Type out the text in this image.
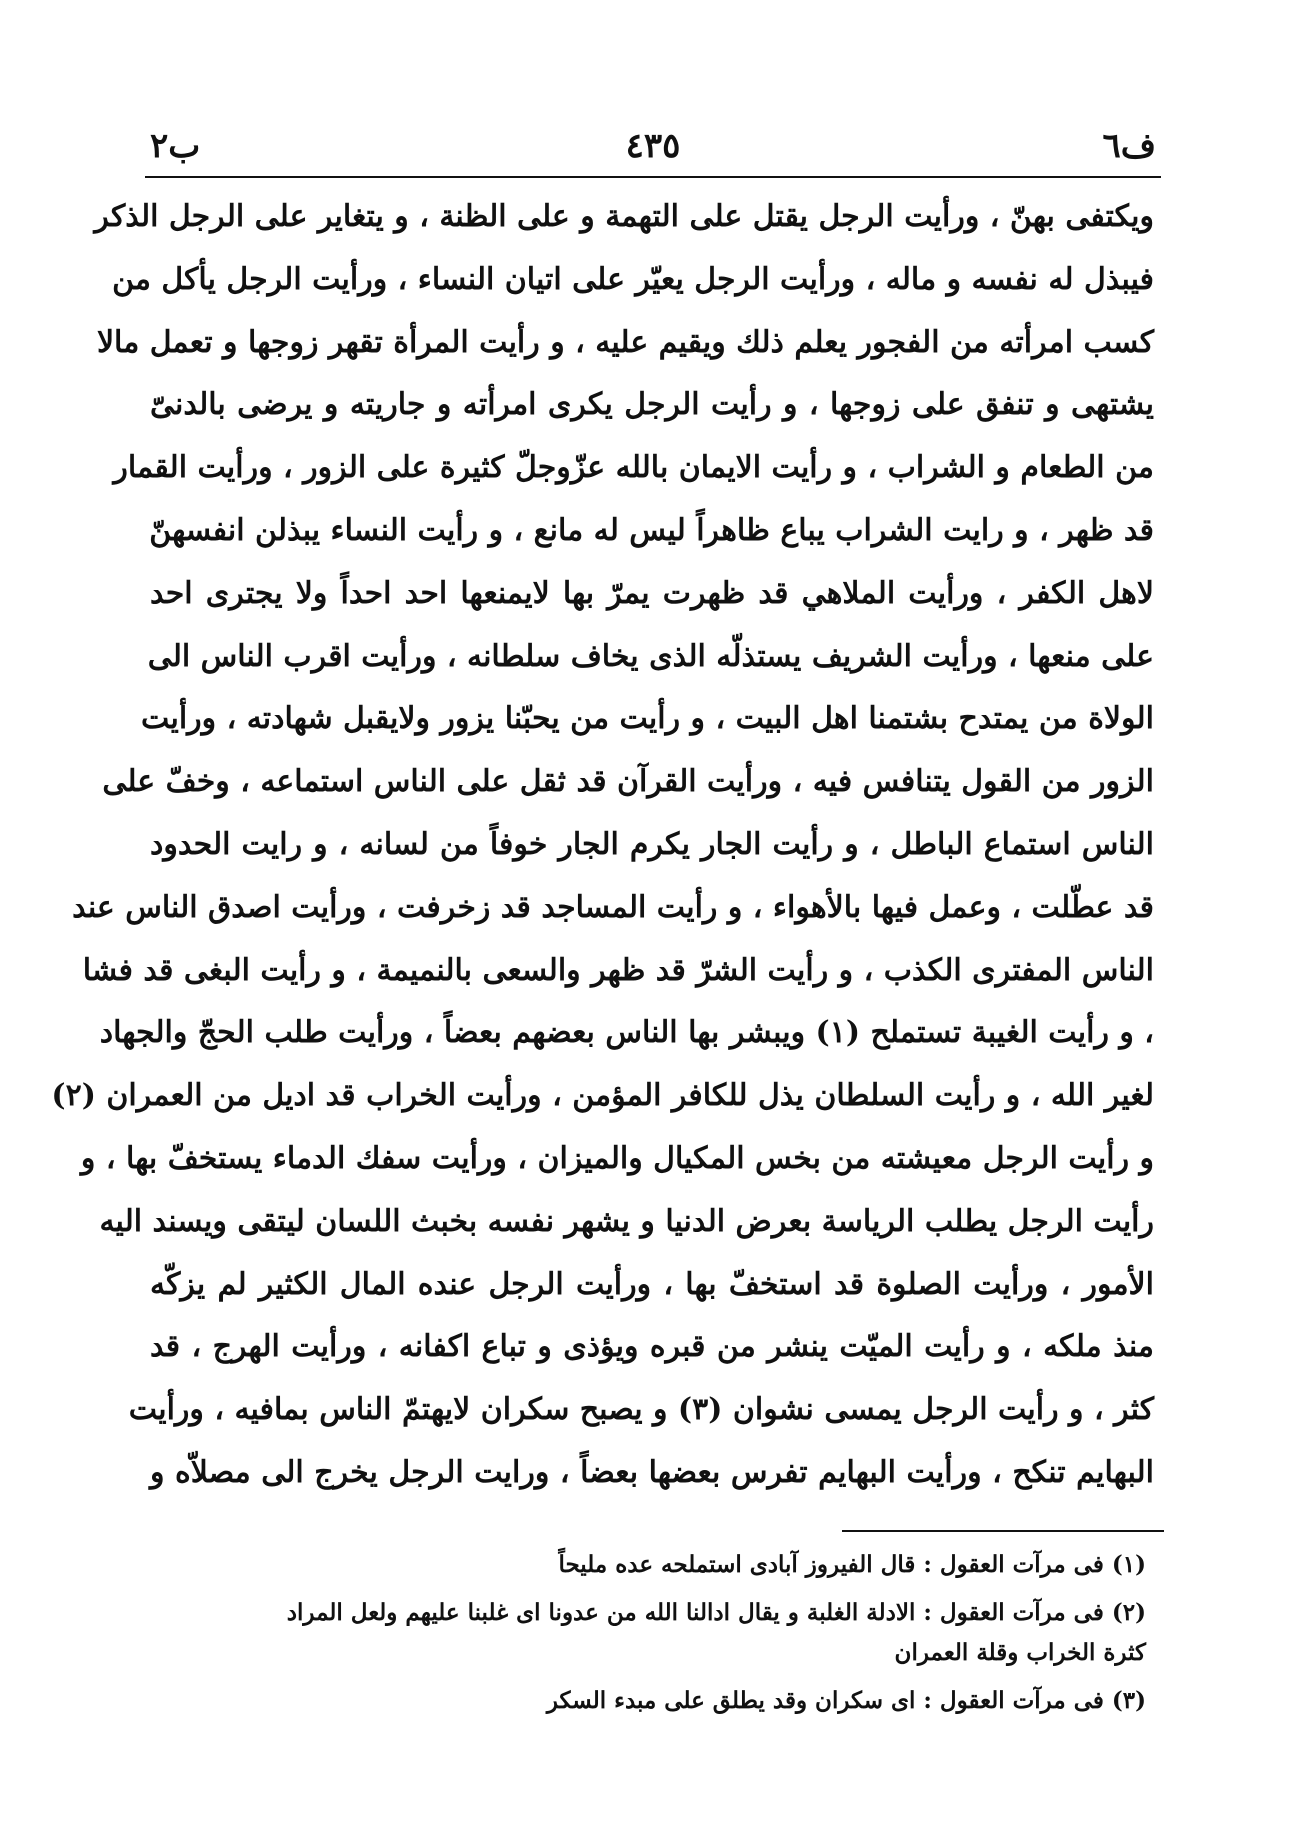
ف٦
٤٣٥
ب٢
ويكتفى بهنّ ، ورأيت الرجل يقتل على التهمة و على الظنة ، و يتغاير على الرجل الذكر
فيبذل له نفسه و ماله ، ورأيت الرجل يعيّر على اتيان النساء ، ورأيت الرجل يأكل من
كسب امرأته من الفجور يعلم ذلك ويقيم عليه ، و رأيت المرأة تقهر زوجها و تعمل مالا
يشتهى و تنفق على زوجها ، و رأيت الرجل يكرى امرأته و جاريته و يرضى بالدنىّ
من الطعام و الشراب ، و رأيت الايمان بالله عزّوجلّ كثيرة على الزور ، ورأيت القمار
قد ظهر ، و رايت الشراب يباع ظاهراً ليس له مانع ، و رأيت النساء يبذلن انفسهنّ
لاهل الكفر ، ورأيت الملاهي قد ظهرت يمرّ بها لايمنعها احد احداً ولا يجترى احد
على منعها ، ورأيت الشريف يستذلّه الذى يخاف سلطانه ، ورأيت اقرب الناس الى
الولاة من يمتدح بشتمنا اهل البيت ، و رأيت من يحبّنا يزور ولايقبل شهادته ، ورأيت
الزور من القول يتنافس فيه ، ورأيت القرآن قد ثقل على الناس استماعه ، وخفّ على
الناس استماع الباطل ، و رأيت الجار يكرم الجار خوفاً من لسانه ، و رايت الحدود
قد عطّلت ، وعمل فيها بالأهواء ، و رأيت المساجد قد زخرفت ، ورأيت اصدق الناس عند
الناس المفترى الكذب ، و رأيت الشرّ قد ظهر والسعى بالنميمة ، و رأيت البغى قد فشا
، و رأيت الغيبة تستملح (١) ويبشر بها الناس بعضهم بعضاً ، ورأيت طلب الحجّ والجهاد
لغير الله ، و رأيت السلطان يذل للكافر المؤمن ، ورأيت الخراب قد اديل من العمران (٢)
و رأيت الرجل معيشته من بخس المكيال والميزان ، ورأيت سفك الدماء يستخفّ بها ، و
رأيت الرجل يطلب الرياسة بعرض الدنيا و يشهر نفسه بخبث اللسان ليتقى ويسند اليه
الأمور ، ورأيت الصلوة قد استخفّ بها ، ورأيت الرجل عنده المال الكثير لم يزكّه
منذ ملكه ، و رأيت الميّت ينشر من قبره ويؤذى و تباع اكفانه ، ورأيت الهرج ، قد
كثر ، و رأيت الرجل يمسى نشوان (٣) و يصبح سكران لايهتمّ الناس بمافيه ، ورأيت
البهايم تنكح ، ورأيت البهايم تفرس بعضها بعضاً ، ورايت الرجل يخرج الى مصلاّه و
(١) فى مرآت العقول : قال الفيروز آبادى استملحه عده مليحاً
(٢) فى مرآت العقول : الادلة الغلبة و يقال ادالنا الله من عدونا اى غلبنا عليهم ولعل المراد
كثرة الخراب وقلة العمران
(٣) فى مرآت العقول : اى سكران وقد يطلق على مبدء السكر
